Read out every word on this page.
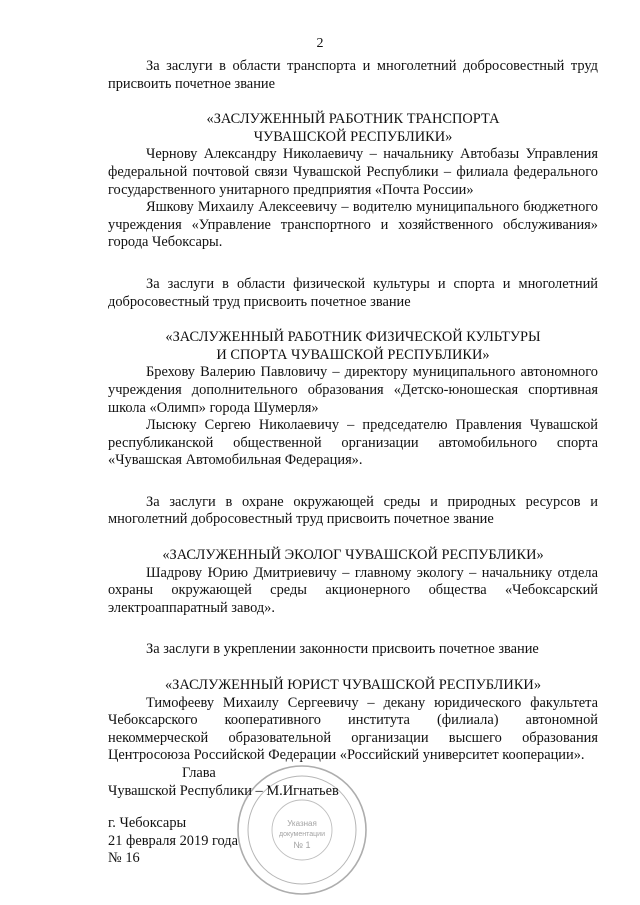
2

За заслуги в области транспорта и многолетний добросовестный труд присвоить почетное звание

«ЗАСЛУЖЕННЫЙ РАБОТНИК ТРАНСПОРТА

ЧУВАШСКОЙ РЕСПУБЛИКИ»

Чернову Александру Николаевичу – начальнику Автобазы Управления федеральной почтовой связи Чувашской Республики – филиала федерального государственного унитарного предприятия «Почта России»

Яшкову Михаилу Алексеевичу – водителю муниципального бюджетного учреждения «Управление транспортного и хозяйственного обслуживания» города Чебоксары.

За заслуги в области физической культуры и спорта и многолетний добросовестный труд присвоить почетное звание

«ЗАСЛУЖЕННЫЙ РАБОТНИК ФИЗИЧЕСКОЙ КУЛЬТУРЫ

И СПОРТА ЧУВАШСКОЙ РЕСПУБЛИКИ»

Брехову Валерию Павловичу – директору муниципального автономного учреждения дополнительного образования «Детско-юношеская спортивная школа «Олимп» города Шумерля»

Лысюку Сергею Николаевичу – председателю Правления Чувашской республиканской общественной организации автомобильного спорта «Чувашская Автомобильная Федерация».

За заслуги в охране окружающей среды и природных ресурсов и многолетний добросовестный труд присвоить почетное звание

«ЗАСЛУЖЕННЫЙ ЭКОЛОГ ЧУВАШСКОЙ РЕСПУБЛИКИ»

Шадрову Юрию Дмитриевичу – главному экологу – начальнику отдела охраны окружающей среды акционерного общества «Чебоксарский электроаппаратный завод».

За заслуги в укреплении законности присвоить почетное звание

«ЗАСЛУЖЕННЫЙ ЮРИСТ ЧУВАШСКОЙ РЕСПУБЛИКИ»

Тимофееву Михаилу Сергеевичу – декану юридического факультета Чебоксарского кооперативного института (филиала) автономной некоммерческой образовательной организации высшего образования Центросоюза Российской Федерации «Российский университет кооперации».

Указная
документации
№ 1
Глава
Чувашской Республики – М.Игнатьев
г. Чебоксары
21 февраля 2019 года
№ 16
